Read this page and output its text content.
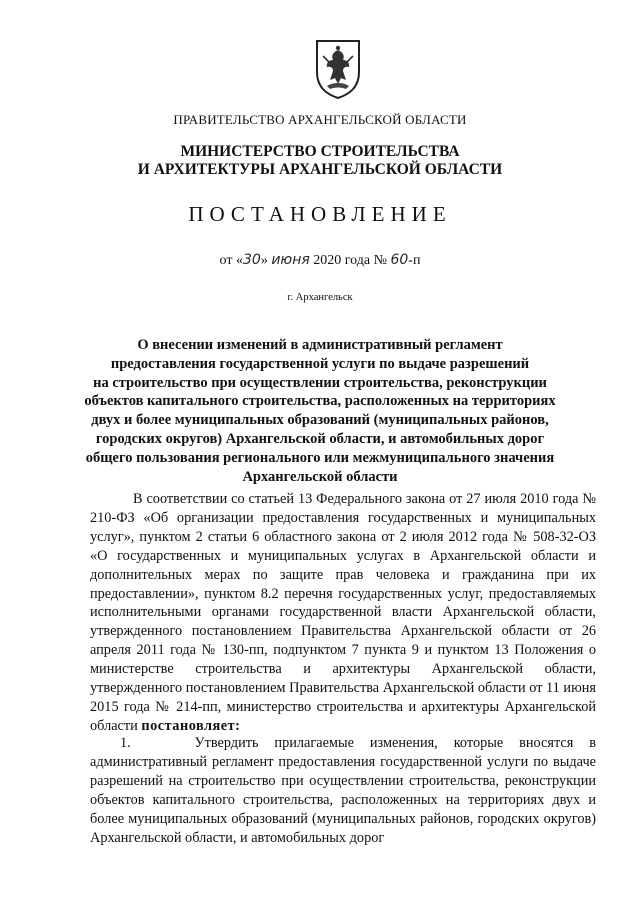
ПРАВИТЕЛЬСТВО АРХАНГЕЛЬСКОЙ ОБЛАСТИ
МИНИСТЕРСТВО СТРОИТЕЛЬСТВА
И АРХИТЕКТУРЫ АРХАНГЕЛЬСКОЙ ОБЛАСТИ
ПОСТАНОВЛЕНИЕ
от «30» июня 2020 года № 60-п
г. Архангельск
О внесении изменений в административный регламент
предоставления государственной услуги по выдаче разрешений
на строительство при осуществлении строительства, реконструкции
объектов капитального строительства, расположенных на территориях
двух и более муниципальных образований (муниципальных районов,
городских округов) Архангельской области, и автомобильных дорог
общего пользования регионального или межмуниципального значения
Архангельской области
В соответствии со статьей 13 Федерального закона от 27 июля 2010 года № 210-ФЗ «Об организации предоставления государственных и муниципальных услуг», пунктом 2 статьи 6 областного закона от 2 июля 2012 года № 508-32-ОЗ «О государственных и муниципальных услугах в Архангельской области и дополнительных мерах по защите прав человека и гражданина при их предоставлении», пунктом 8.2 перечня государственных услуг, предоставляемых исполнительными органами государственной власти Архангельской области, утвержденного постановлением Правительства Архангельской области от 26 апреля 2011 года № 130-пп, подпунктом 7 пункта 9 и пунктом 13 Положения о министерстве строительства и архитектуры Архангельской области, утвержденного постановлением Правительства Архангельской области от 11 июня 2015 года № 214-пп, министерство строительства и архитектуры Архангельской области постановляет:
1.    Утвердить прилагаемые изменения, которые вносятся в административный регламент предоставления государственной услуги по выдаче разрешений на строительство при осуществлении строительства, реконструкции объектов капитального строительства, расположенных на территориях двух и более муниципальных образований (муниципальных районов, городских округов) Архангельской области, и автомобильных дорог
